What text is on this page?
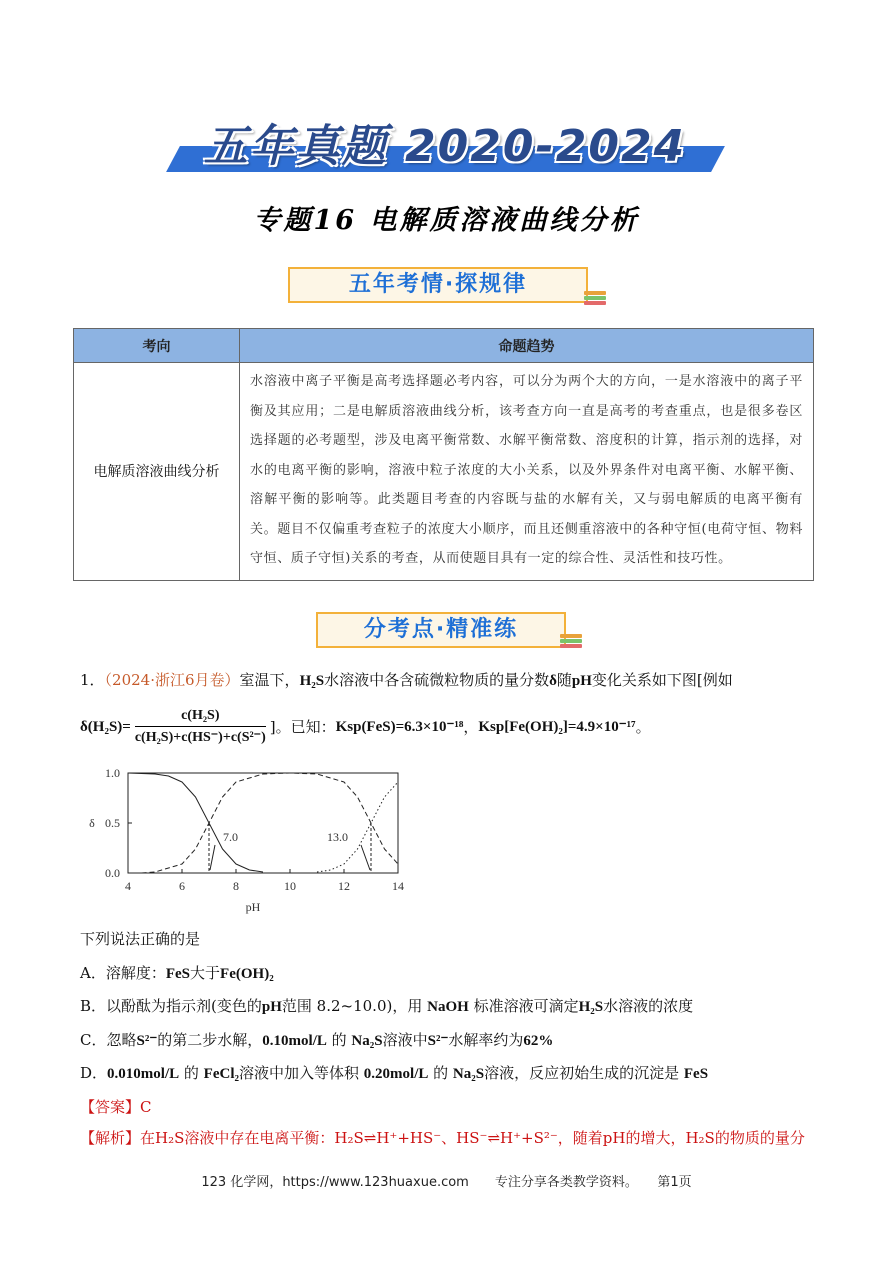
五年真题 2020-2024
专题16 电解质溶液曲线分析
五年考情·探规律
考向	命题趋势
电解质溶液曲线分析	水溶液中离子平衡是高考选择题必考内容，可以分为两个大的方向，一是水溶液中的离子平衡及其应用；二是电解质溶液曲线分析，该考查方向一直是高考的考查重点，也是很多卷区选择题的必考题型，涉及电离平衡常数、水解平衡常数、溶度积的计算，指示剂的选择，对水的电离平衡的影响，溶液中粒子浓度的大小关系，以及外界条件对电离平衡、水解平衡、溶解平衡的影响等。此类题目考查的内容既与盐的水解有关，又与弱电解质的电离平衡有关。题目不仅偏重考查粒子的浓度大小顺序，而且还侧重溶液中的各种守恒(电荷守恒、物料守恒、质子守恒)关系的考查，从而使题目具有一定的综合性、灵活性和技巧性。
分考点·精准练
1．（2024·浙江6月卷）室温下，H₂S水溶液中各含硫微粒物质的量分数δ随pH变化关系如下图[例如
$\delta(H_2S)= \frac{\text{c(H₂S)}}{\text{c(H₂S)+c(HS⁻)+c(S²⁻)}}$ ]。已知： Ksp(FeS)=6.3×10⁻¹⁸ ， Ksp[Fe(OH)₂]=4.9×10⁻¹⁷ 。
4	6	8	10	12	14
0.0
0.5
1.0
pH
δ
7.0	13.0
下列说法正确的是
A．溶解度：FeS大于Fe(OH)₂
B．以酚酞为指示剂(变色的pH范围 8.2~10.0)，用 NaOH 标准溶液可滴定H₂S水溶液的浓度
C．忽略S²⁻的第二步水解，0.10mol/L 的 Na₂S溶液中S²⁻水解率约为62%
D．0.010mol/L 的 FeCl₂溶液中加入等体积 0.20mol/L 的 Na₂S溶液，反应初始生成的沉淀是 FeS
【答案】C
【解析】在H₂S溶液中存在电离平衡：H₂S⇌H⁺+HS⁻、HS⁻⇌H⁺+S²⁻，随着pH的增大，H₂S的物质的量分
123 化学网，https://www.123huaxue.com　　专注分享各类教学资料。　　第1页
